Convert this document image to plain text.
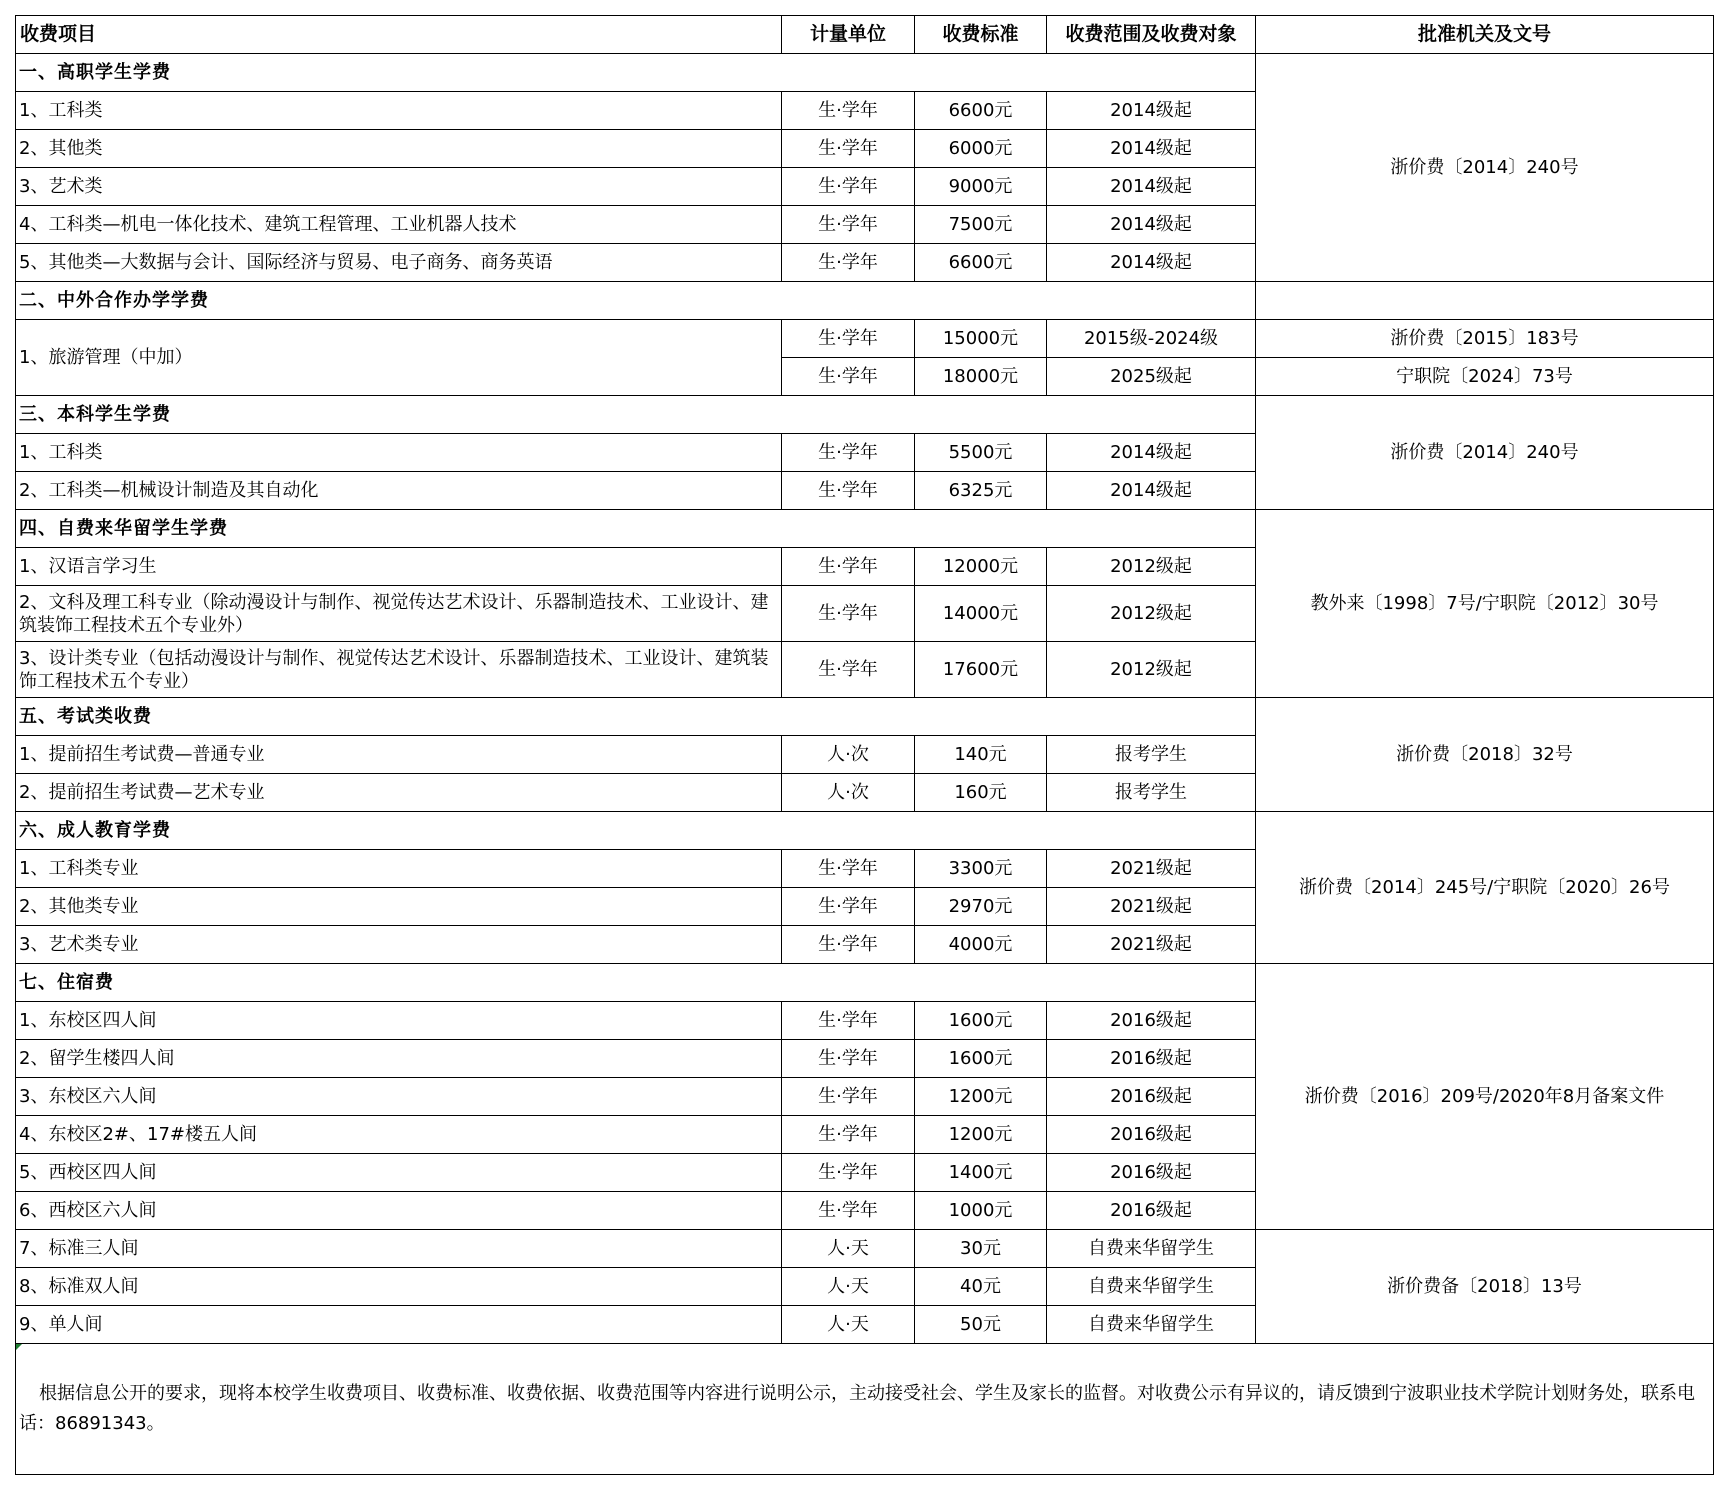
收费项目	计量单位	收费标准	收费范围及收费对象	批准机关及文号
一、高职学生学费				浙价费〔2014〕240号
1、工科类	生·学年	6600元	2014级起	
2、其他类	生·学年	6000元	2014级起	
3、艺术类	生·学年	9000元	2014级起	
4、工科类—机电一体化技术、建筑工程管理、工业机器人技术	生·学年	7500元	2014级起	
5、其他类—大数据与会计、国际经济与贸易、电子商务、商务英语	生·学年	6600元	2014级起	
二、中外合作办学学费				
1、旅游管理（中加）	生·学年	15000元	2015级-2024级	浙价费〔2015〕183号
	生·学年	18000元	2025级起	宁职院〔2024〕73号
三、本科学生学费				浙价费〔2014〕240号
1、工科类	生·学年	5500元	2014级起	
2、工科类—机械设计制造及其自动化	生·学年	6325元	2014级起	
四、自费来华留学生学费				教外来〔1998〕7号/宁职院〔2012〕30号
1、汉语言学习生	生·学年	12000元	2012级起	
2、文科及理工科专业（除动漫设计与制作、视觉传达艺术设计、乐器制造技术、工业设计、建筑装饰工程技术五个专业外）	生·学年	14000元	2012级起	
3、设计类专业（包括动漫设计与制作、视觉传达艺术设计、乐器制造技术、工业设计、建筑装饰工程技术五个专业）	生·学年	17600元	2012级起	
五、考试类收费				浙价费〔2018〕32号
1、提前招生考试费—普通专业	人·次	140元	报考学生	
2、提前招生考试费—艺术专业	人·次	160元	报考学生	
六、成人教育学费				浙价费〔2014〕245号/宁职院〔2020〕26号
1、工科类专业	生·学年	3300元	2021级起	
2、其他类专业	生·学年	2970元	2021级起	
3、艺术类专业	生·学年	4000元	2021级起	
七、住宿费				浙价费〔2016〕209号/2020年8月备案文件
1、东校区四人间	生·学年	1600元	2016级起	
2、留学生楼四人间	生·学年	1600元	2016级起	
3、东校区六人间	生·学年	1200元	2016级起	
4、东校区2#、17#楼五人间	生·学年	1200元	2016级起	
5、西校区四人间	生·学年	1400元	2016级起	
6、西校区六人间	生·学年	1000元	2016级起	
7、标准三人间	人·天	30元	自费来华留学生	浙价费备〔2018〕13号
8、标准双人间	人·天	40元	自费来华留学生	
9、单人间	人·天	50元	自费来华留学生	

根据信息公开的要求，现将本校学生收费项目、收费标准、收费依据、收费范围等内容进行说明公示，主动接受社会、学生及家长的监督。对收费公示有异议的，请反馈到宁波职业技术学院计划财务处，联系电话：86891343。				
